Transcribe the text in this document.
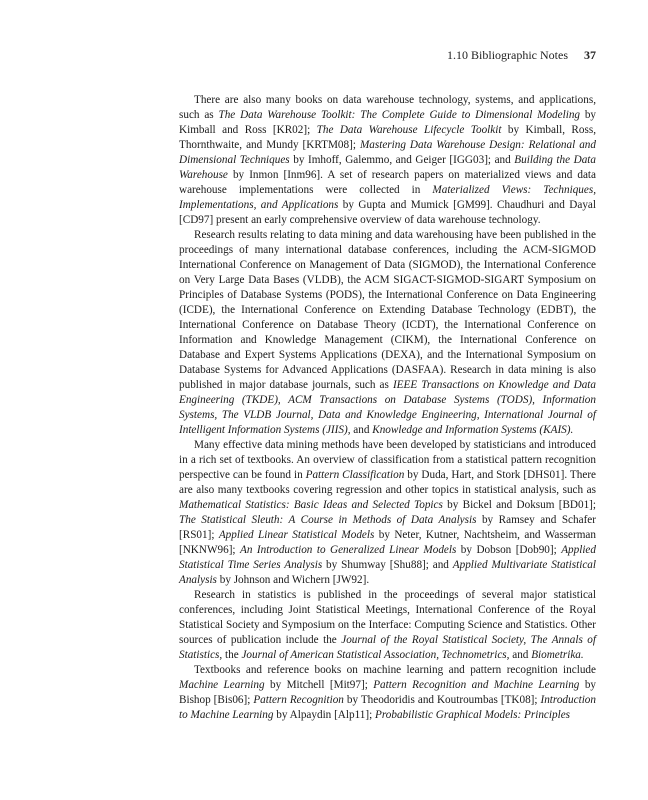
1.10 Bibliographic Notes 37

There are also many books on data warehouse technology, systems, and applications, such as The Data Warehouse Toolkit: The Complete Guide to Dimensional Modeling by Kimball and Ross [KR02]; The Data Warehouse Lifecycle Toolkit by Kimball, Ross, Thornthwaite, and Mundy [KRTM08]; Mastering Data Warehouse Design: Relational and Dimensional Techniques by Imhoff, Galemmo, and Geiger [IGG03]; and Building the Data Warehouse by Inmon [Inm96]. A set of research papers on materialized views and data warehouse implementations were collected in Materialized Views: Techniques, Implementations, and Applications by Gupta and Mumick [GM99]. Chaudhuri and Dayal [CD97] present an early comprehensive overview of data warehouse technology.

Research results relating to data mining and data warehousing have been published in the proceedings of many international database conferences, including the ACM-SIGMOD International Conference on Management of Data (SIGMOD), the International Conference on Very Large Data Bases (VLDB), the ACM SIGACT-SIGMOD-SIGART Symposium on Principles of Database Systems (PODS), the International Conference on Data Engineering (ICDE), the International Conference on Extending Database Technology (EDBT), the International Conference on Database Theory (ICDT), the International Conference on Information and Knowledge Management (CIKM), the International Conference on Database and Expert Systems Applications (DEXA), and the International Symposium on Database Systems for Advanced Applications (DASFAA). Research in data mining is also published in major database journals, such as IEEE Transactions on Knowledge and Data Engineering (TKDE), ACM Transactions on Database Systems (TODS), Information Systems, The VLDB Journal, Data and Knowledge Engineering, International Journal of Intelligent Information Systems (JIIS), and Knowledge and Information Systems (KAIS).

Many effective data mining methods have been developed by statisticians and introduced in a rich set of textbooks. An overview of classification from a statistical pattern recognition perspective can be found in Pattern Classification by Duda, Hart, and Stork [DHS01]. There are also many textbooks covering regression and other topics in statistical analysis, such as Mathematical Statistics: Basic Ideas and Selected Topics by Bickel and Doksum [BD01]; The Statistical Sleuth: A Course in Methods of Data Analysis by Ramsey and Schafer [RS01]; Applied Linear Statistical Models by Neter, Kutner, Nachtsheim, and Wasserman [NKNW96]; An Introduction to Generalized Linear Models by Dobson [Dob90]; Applied Statistical Time Series Analysis by Shumway [Shu88]; and Applied Multivariate Statistical Analysis by Johnson and Wichern [JW92].

Research in statistics is published in the proceedings of several major statistical conferences, including Joint Statistical Meetings, International Conference of the Royal Statistical Society and Symposium on the Interface: Computing Science and Statistics. Other sources of publication include the Journal of the Royal Statistical Society, The Annals of Statistics, the Journal of American Statistical Association, Technometrics, and Biometrika.

Textbooks and reference books on machine learning and pattern recognition include Machine Learning by Mitchell [Mit97]; Pattern Recognition and Machine Learning by Bishop [Bis06]; Pattern Recognition by Theodoridis and Koutroumbas [TK08]; Introduction to Machine Learning by Alpaydin [Alp11]; Probabilistic Graphical Models: Principles
